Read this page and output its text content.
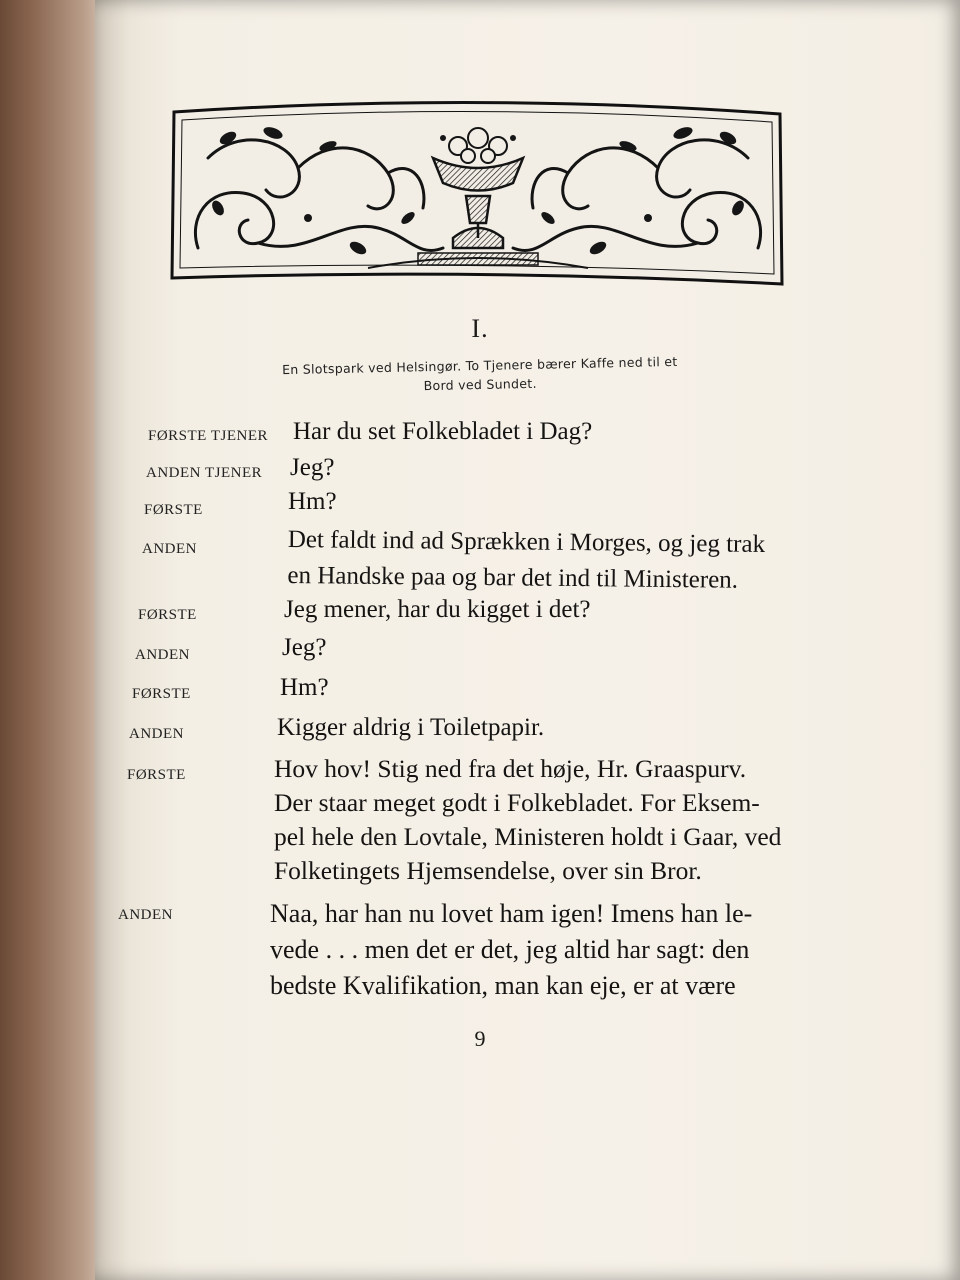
I.
En Slotspark ved Helsingør. To Tjenere bærer Kaffe ned til et
Bord ved Sundet.
FØRSTE TJENER Har du set Folkebladet i Dag?
ANDEN TJENER Jeg?
FØRSTE	Hm?
ANDEN	Det faldt ind ad Sprækken i Morges, og jeg trak
en Handske paa og bar det ind til Ministeren.
FØRSTE	Jeg mener, har du kigget i det?
ANDEN	Jeg?
FØRSTE	Hm?
ANDEN	Kigger aldrig i Toiletpapir.
FØRSTE	Hov hov! Stig ned fra det høje, Hr. Graaspurv.
Der staar meget godt i Folkebladet. For Eksem-
pel hele den Lovtale, Ministeren holdt i Gaar, ved
Folketingets Hjemsendelse, over sin Bror.
ANDEN	Naa, har han nu lovet ham igen! Imens han le-
vede . . . men det er det, jeg altid har sagt: den
bedste Kvalifikation, man kan eje, er at være
9
